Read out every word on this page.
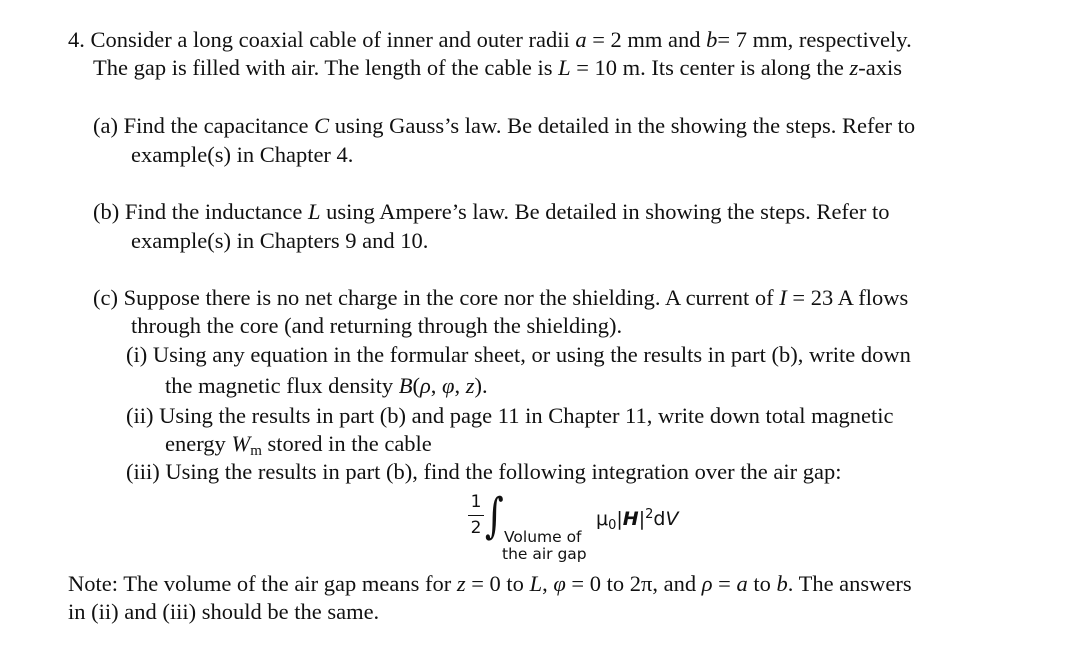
4. Consider a long coaxial cable of inner and outer radii a = 2 mm and b= 7 mm, respectively.
The gap is filled with air. The length of the cable is L = 10 m. Its center is along the z-axis
(a) Find the capacitance C using Gauss’s law. Be detailed in the showing the steps. Refer to
example(s) in Chapter 4.
(b) Find the inductance L using Ampere’s law. Be detailed in showing the steps. Refer to
example(s) in Chapters 9 and 10.
(c) Suppose there is no net charge in the core nor the shielding. A current of I = 23 A flows
through the core (and returning through the shielding).
(i) Using any equation in the formular sheet, or using the results in part (b), write down
the magnetic flux density B(ρ, φ, z).
(ii) Using the results in part (b) and page 11 in Chapter 11, write down total magnetic
energy Wm stored in the cable
(iii) Using the results in part (b), find the following integration over the air gap:
1
2 ∫ Volume of
the air gap
$\mu_0|H|^2dV$
Note: The volume of the air gap means for z = 0 to L, φ = 0 to 2π, and ρ = a to b. The answers
in (ii) and (iii) should be the same.
